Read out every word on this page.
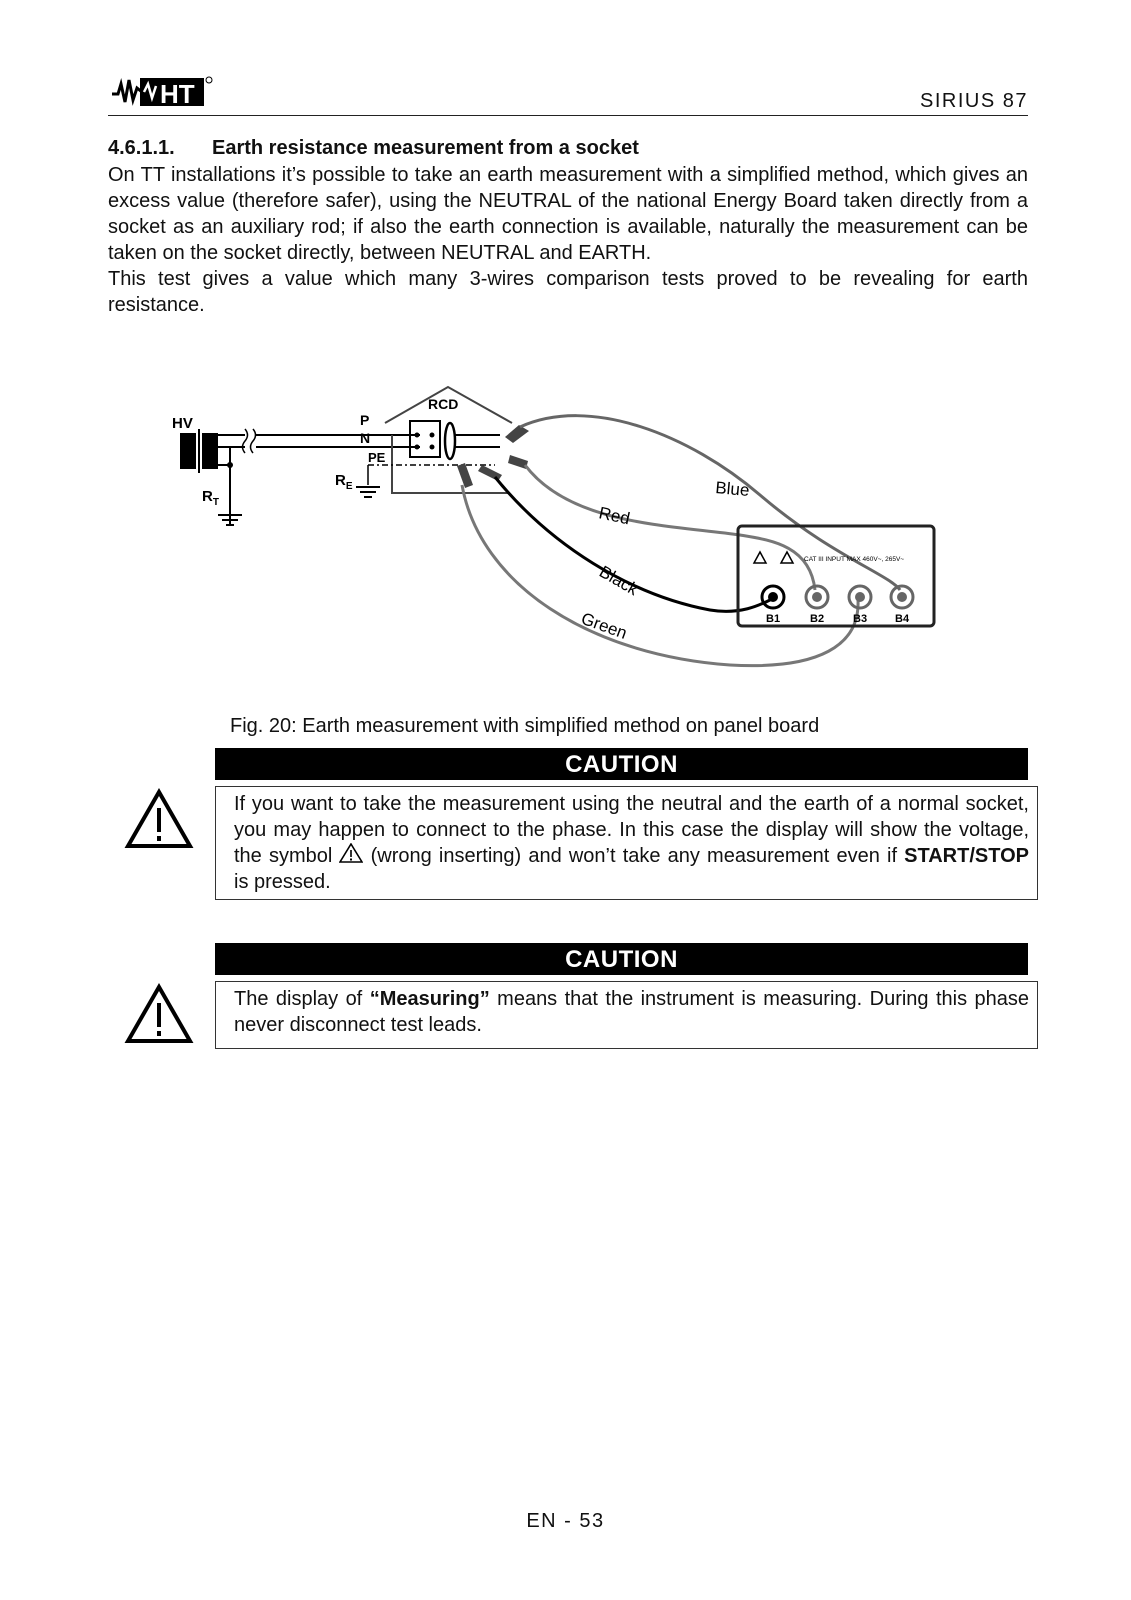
HT	SIRIUS 87
4.6.1.1. Earth resistance measurement from a socket

On TT installations it’s possible to take an earth measurement with a simplified method, which gives an excess value (therefore safer), using the NEUTRAL of the national Energy Board taken directly from a socket as an auxiliary rod; if also the earth connection is available, naturally the measurement can be taken on the socket directly, between NEUTRAL and EARTH.

This test gives a value which many 3-wires comparison tests proved to be revealing for earth resistance.

HV
$R_T$
P
N
PE
$R_E$
RCD
Blue
Red
Black
Green
CAT III INPUT MAX 460V~, 265V~
B1	B2	B3	B4
Fig. 20: Earth measurement with simplified method on panel board
CAUTION
If you want to take the measurement using the neutral and the earth of a normal socket, you may happen to connect to the phase. In this case the display will show the voltage, the symbol (wrong inserting) and won’t take any measurement even if START/STOP is pressed.
CAUTION
The display of “Measuring” means that the instrument is measuring. During this phase never disconnect test leads.
EN - 53
